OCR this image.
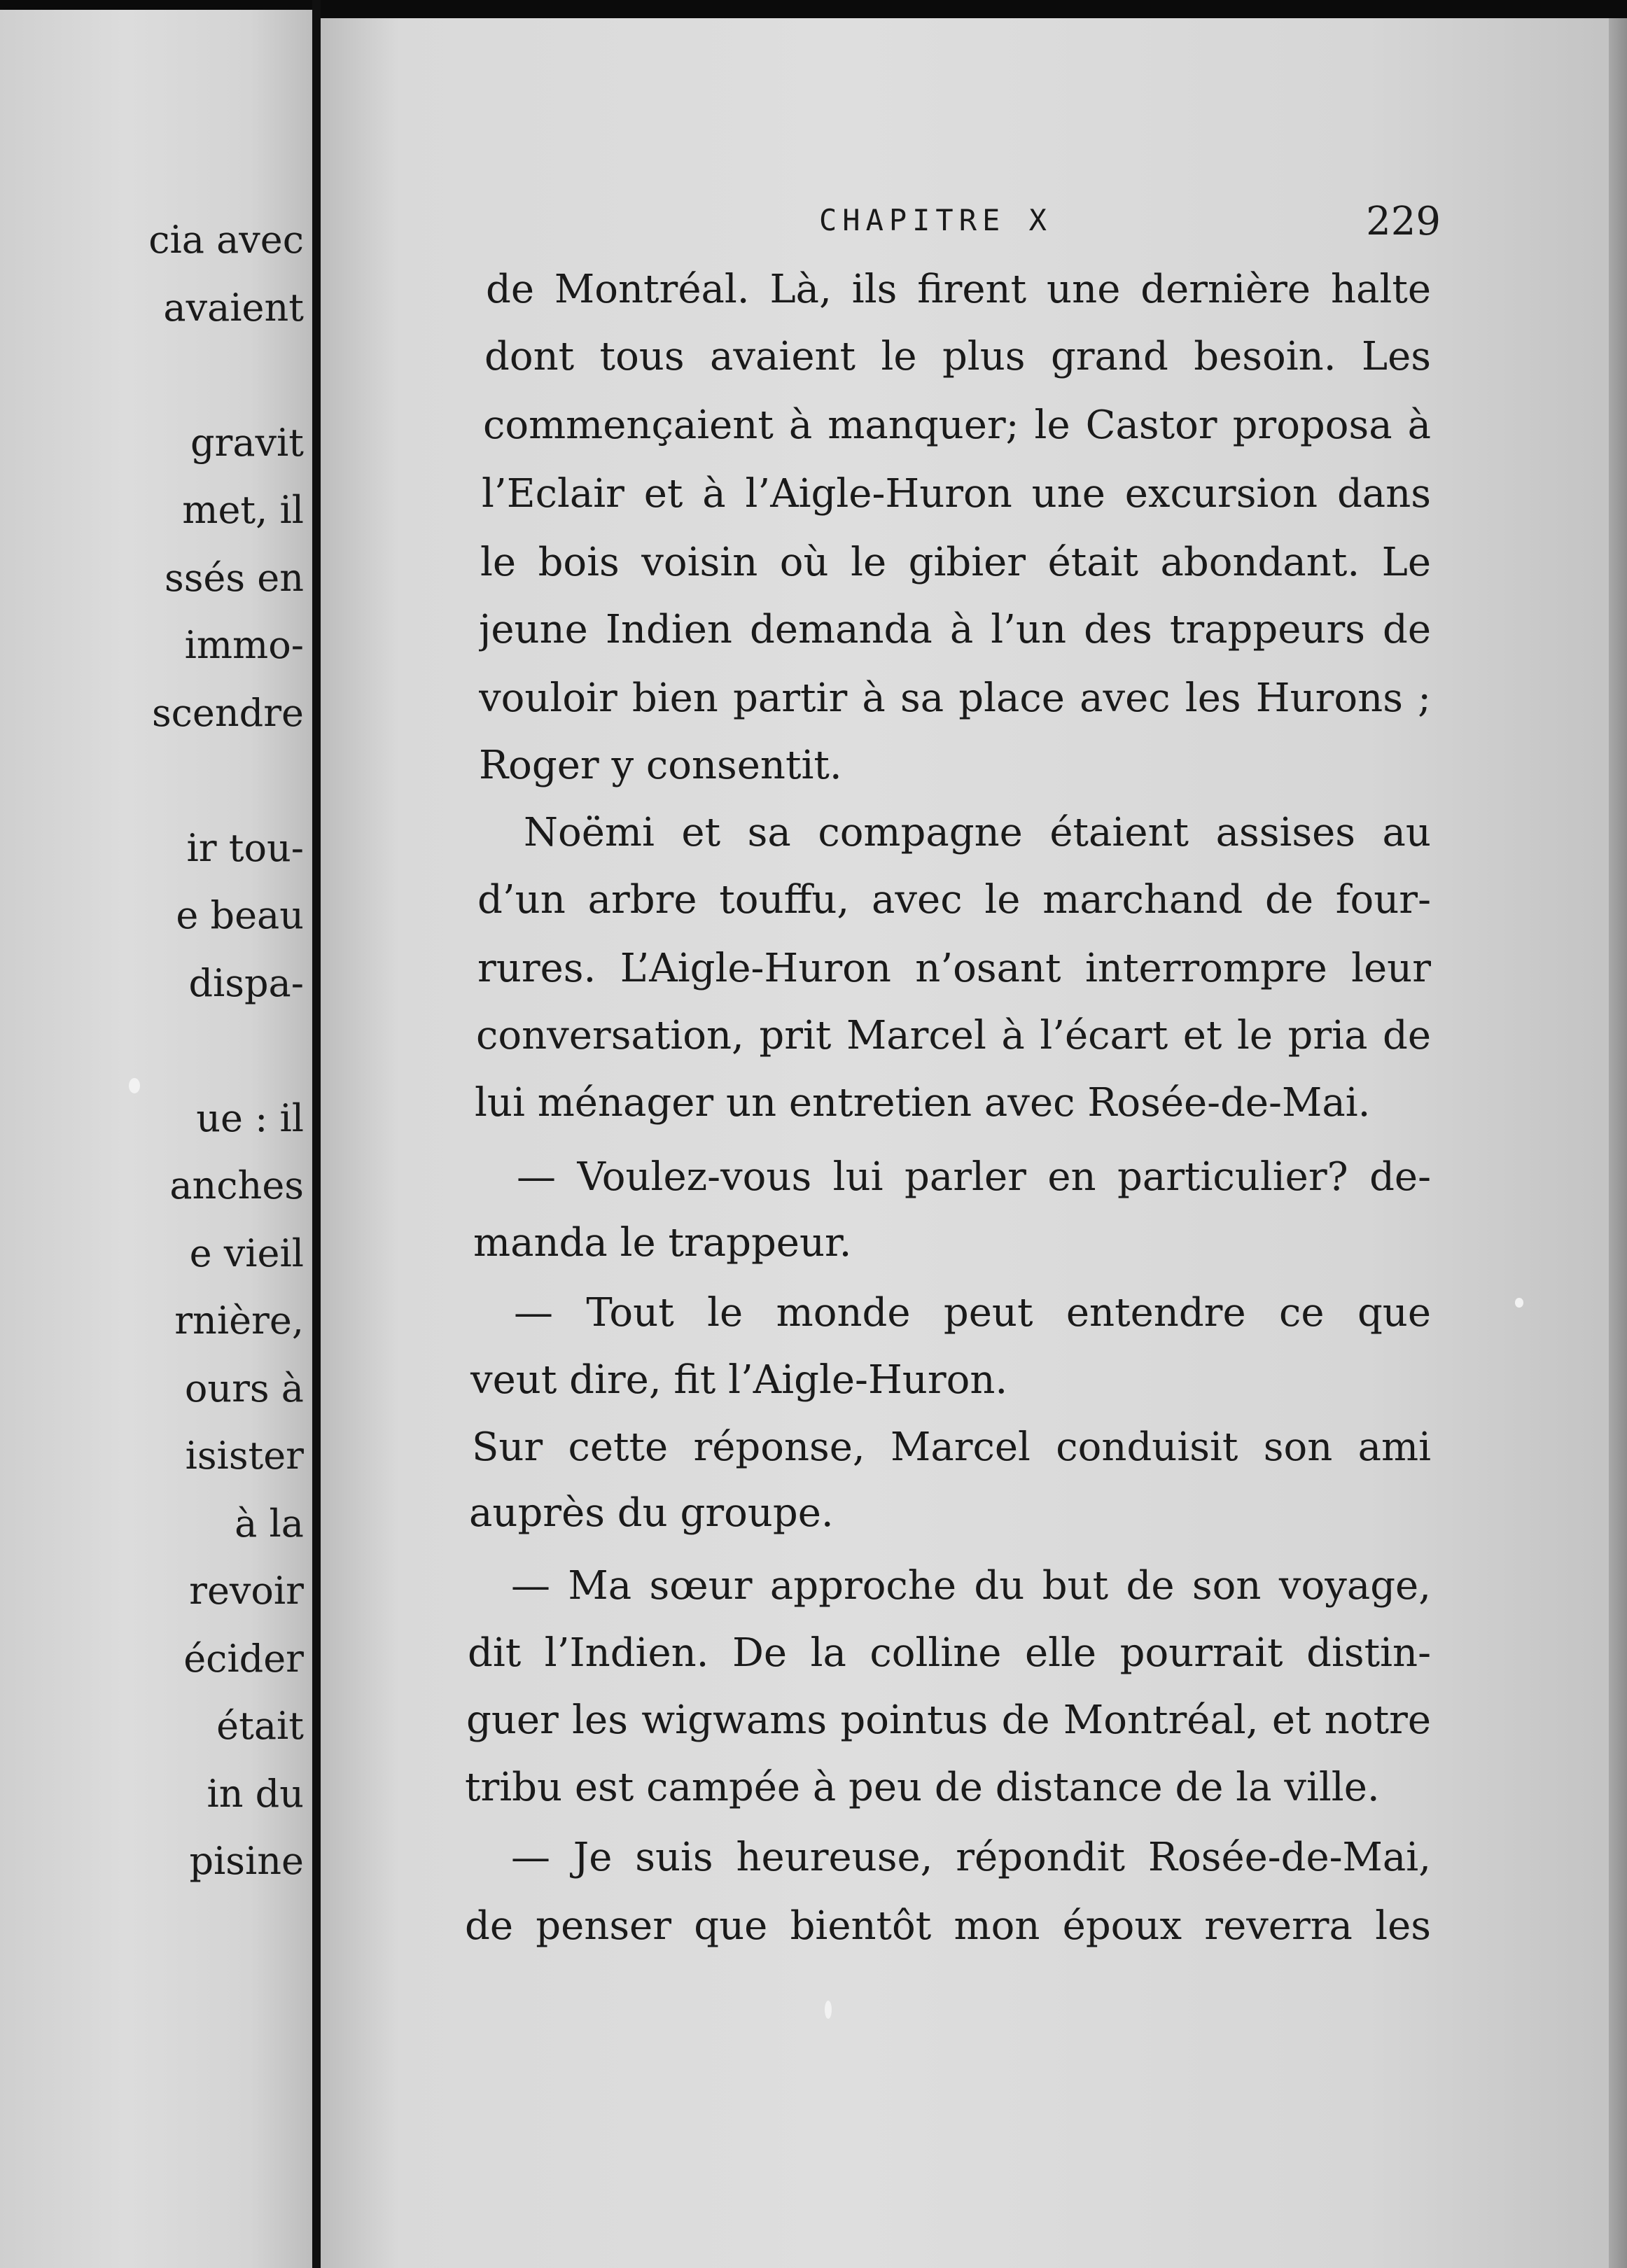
cia avec
avaient
gravit
met, il
ssés en
immo-
scendre
ir tou-
e beau
dispa-
ue : il
anches
e vieil
rnière,
ours à
isister
à la
revoir
écider
était
in du
pisine
CHAPITRE X	229
de Montréal. Là, ils firent une dernière halte
dont tous avaient le plus grand besoin. Les
commençaient à manquer; le Castor proposa à
l’Eclair et à l’Aigle-Huron une excursion dans
le bois voisin où le gibier était abondant. Le
jeune Indien demanda à l’un des trappeurs de
vouloir bien partir à sa place avec les Hurons ;
Roger y consentit.
Noëmi et sa compagne étaient assises au
d’un arbre touffu, avec le marchand de four-
rures. L’Aigle-Huron n’osant interrompre leur
conversation, prit Marcel à l’écart et le pria de
lui ménager un entretien avec Rosée-de-Mai.
— Voulez-vous lui parler en particulier? de-
manda le trappeur.
— Tout le monde peut entendre ce que
veut dire, fit l’Aigle-Huron.
Sur cette réponse, Marcel conduisit son ami
auprès du groupe.
— Ma sœur approche du but de son voyage,
dit l’Indien. De la colline elle pourrait distin-
guer les wigwams pointus de Montréal, et notre
tribu est campée à peu de distance de la ville.
— Je suis heureuse, répondit Rosée-de-Mai,
de penser que bientôt mon époux reverra les
